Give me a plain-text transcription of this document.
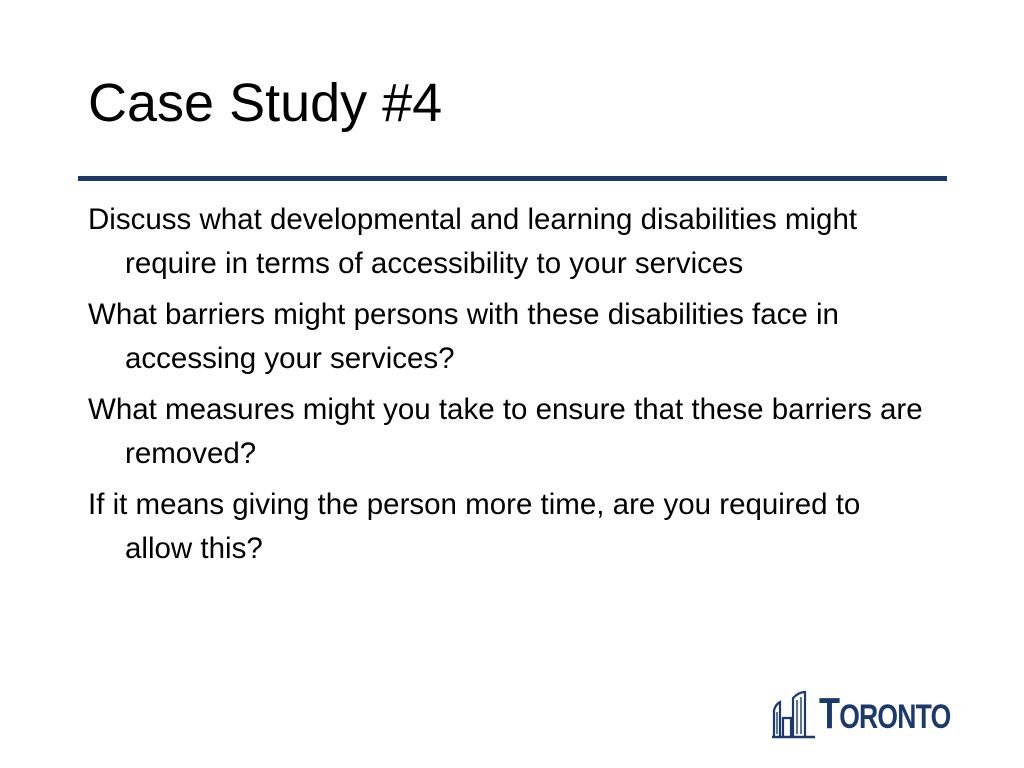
Case Study #4
Discuss what developmental and learning disabilities might require in terms of accessibility to your services
What barriers might persons with these disabilities face in accessing your services?
What measures might you take to ensure that these barriers are removed?
If it means giving the person more time, are you required to allow this?
TORONTO
